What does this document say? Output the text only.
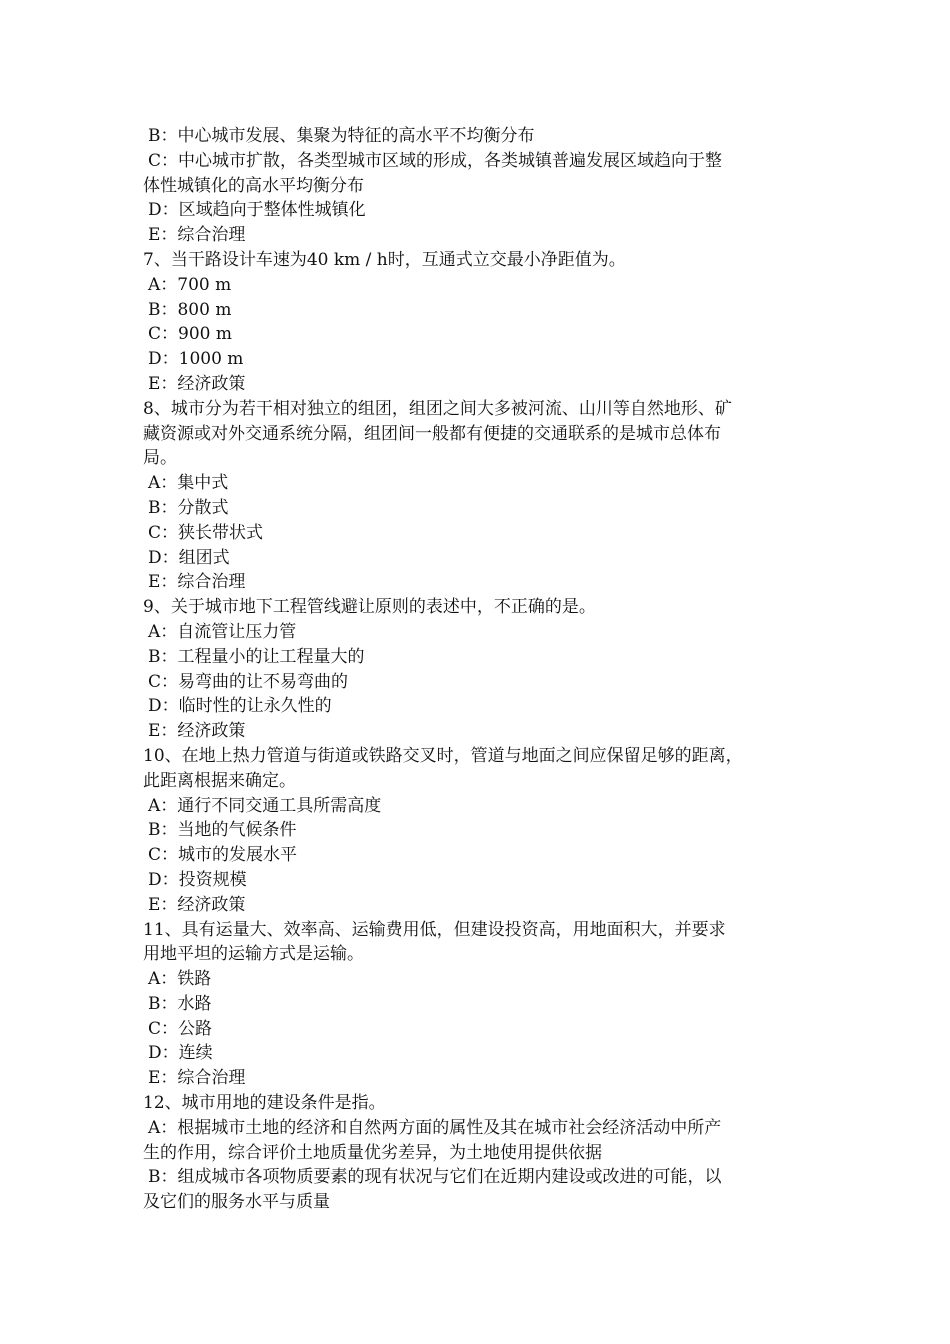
B：中心城市发展、集聚为特征的高水平不均衡分布
C：中心城市扩散，各类型城市区域的形成，各类城镇普遍发展区域趋向于整
体性城镇化的高水平均衡分布
D：区域趋向于整体性城镇化
E：综合治理
7、当干路设计车速为40 km / h时，互通式立交最小净距值为。
A：700 m
B：800 m
C：900 m
D：1000 m
E：经济政策
8、城市分为若干相对独立的组团，组团之间大多被河流、山川等自然地形、矿
藏资源或对外交通系统分隔，组团间一般都有便捷的交通联系的是城市总体布
局。
A：集中式
B：分散式
C：狭长带状式
D：组团式
E：综合治理
9、关于城市地下工程管线避让原则的表述中，不正确的是。
A：自流管让压力管
B：工程量小的让工程量大的
C：易弯曲的让不易弯曲的
D：临时性的让永久性的
E：经济政策
10、在地上热力管道与街道或铁路交叉时，管道与地面之间应保留足够的距离，
此距离根据来确定。
A：通行不同交通工具所需高度
B：当地的气候条件
C：城市的发展水平
D：投资规模
E：经济政策
11、具有运量大、效率高、运输费用低，但建设投资高，用地面积大，并要求
用地平坦的运输方式是运输。
A：铁路
B：水路
C：公路
D：连续
E：综合治理
12、城市用地的建设条件是指。
A：根据城市土地的经济和自然两方面的属性及其在城市社会经济活动中所产
生的作用，综合评价土地质量优劣差异，为土地使用提供依据
B：组成城市各项物质要素的现有状况与它们在近期内建设或改进的可能，以
及它们的服务水平与质量
